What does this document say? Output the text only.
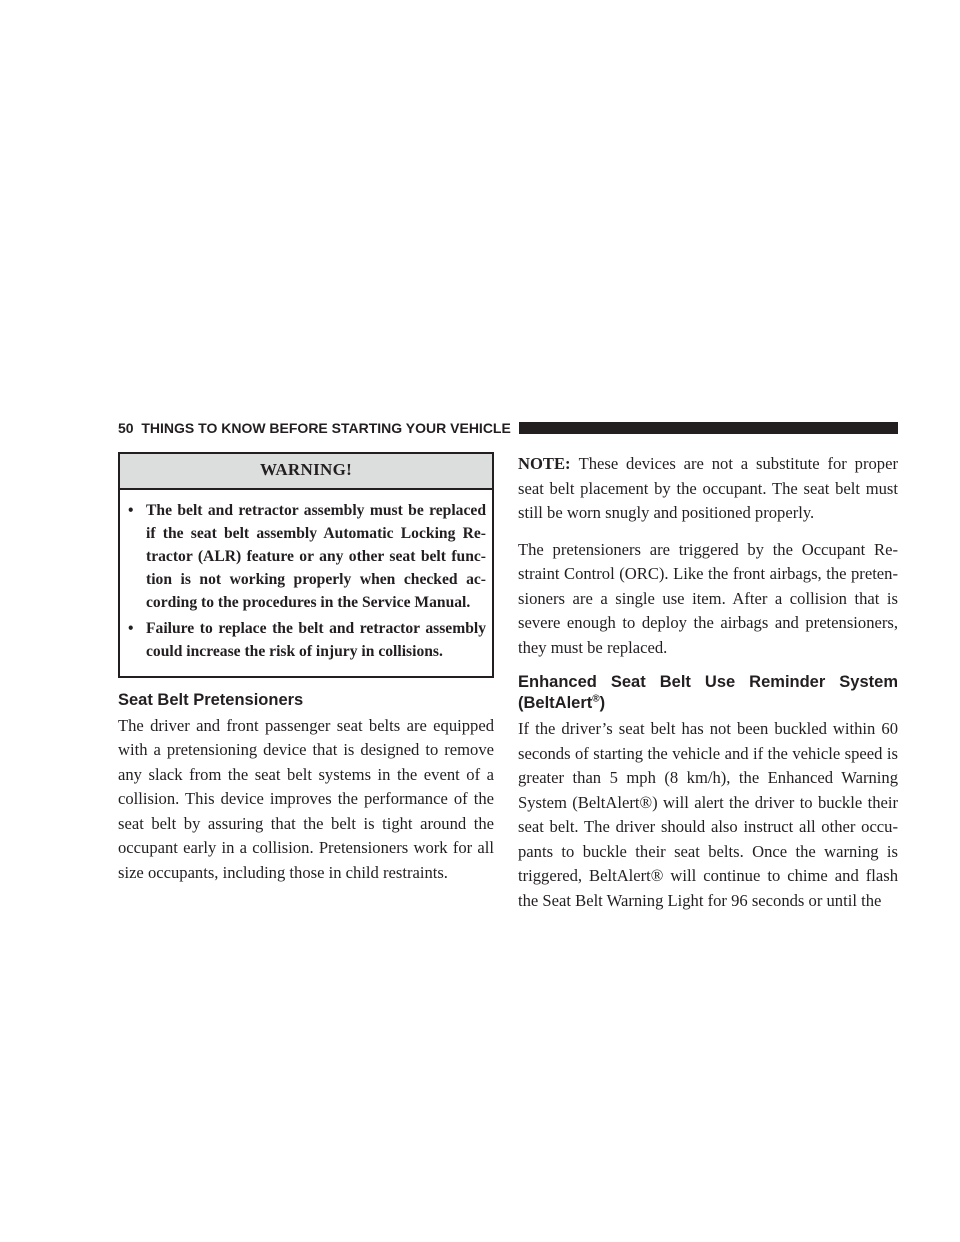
50 THINGS TO KNOW BEFORE STARTING YOUR VEHICLE
WARNING!
• The belt and retractor assembly must be replaced if the seat belt assembly Automatic Locking Re-tractor (ALR) feature or any other seat belt func-tion is not working properly when checked ac-cording to the procedures in the Service Manual.
• Failure to replace the belt and retractor assembly could increase the risk of injury in collisions.
Seat Belt Pretensioners

The driver and front passenger seat belts are equipped with a pretensioning device that is designed to remove any slack from the seat belt systems in the event of a collision. This device improves the performance of the seat belt by assuring that the belt is tight around the occupant early in a collision. Pretensioners work for all size occupants, including those in child restraints.

NOTE: These devices are not a substitute for proper seat belt placement by the occupant. The seat belt must still be worn snugly and positioned properly.

The pretensioners are triggered by the Occupant Re-straint Control (ORC). Like the front airbags, the preten-sioners are a single use item. After a collision that is severe enough to deploy the airbags and pretensioners, they must be replaced.

Enhanced Seat Belt Use Reminder System (BeltAlert®)

If the driver’s seat belt has not been buckled within 60 seconds of starting the vehicle and if the vehicle speed is greater than 5 mph (8 km/h), the Enhanced Warning System (BeltAlert®) will alert the driver to buckle their seat belt. The driver should also instruct all other occu-pants to buckle their seat belts. Once the warning is triggered, BeltAlert® will continue to chime and flash the Seat Belt Warning Light for 96 seconds or until the
